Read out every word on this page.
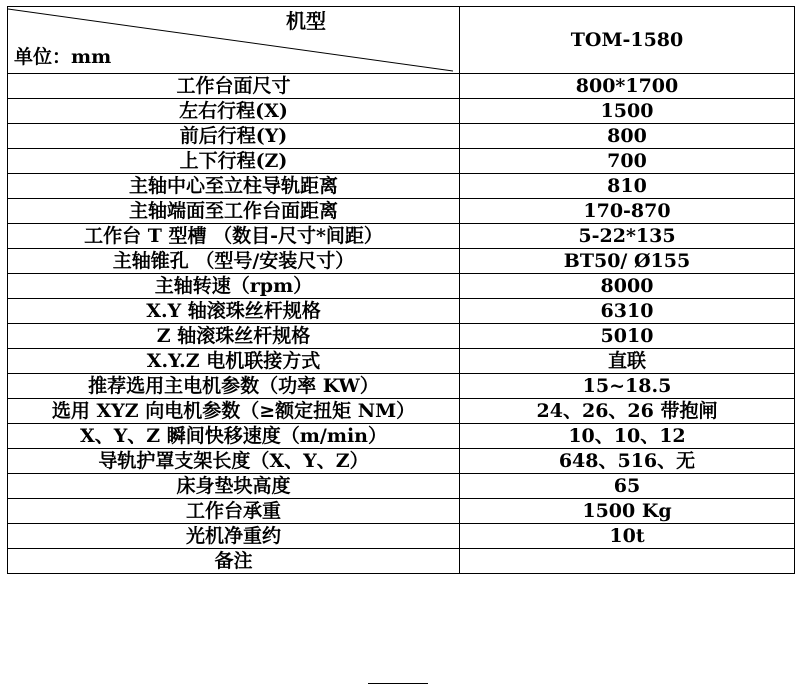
机型
单位：mm	TOM-1580
工作台面尺寸	800*1700
左右行程(X)	1500
前后行程(Y)	800
上下行程(Z)	700
主轴中心至立柱导轨距离	810
主轴端面至工作台面距离	170-870
工作台 T 型槽 （数目-尺寸*间距）	5-22*135
主轴锥孔 （型号/安装尺寸）	BT50/ Ø155
主轴转速（rpm）	8000
X.Y 轴滚珠丝杆规格	6310
Z 轴滚珠丝杆规格	5010
X.Y.Z 电机联接方式	直联
推荐选用主电机参数（功率 KW）	15~18.5
选用 XYZ 向电机参数（≥额定扭矩 NM）	24、26、26 带抱闸
X、Y、Z 瞬间快移速度（m/min）	10、10、12
导轨护罩支架长度（X、Y、Z）	648、516、无
床身垫块高度	65
工作台承重	1500 Kg
光机净重约	10t
备注	
